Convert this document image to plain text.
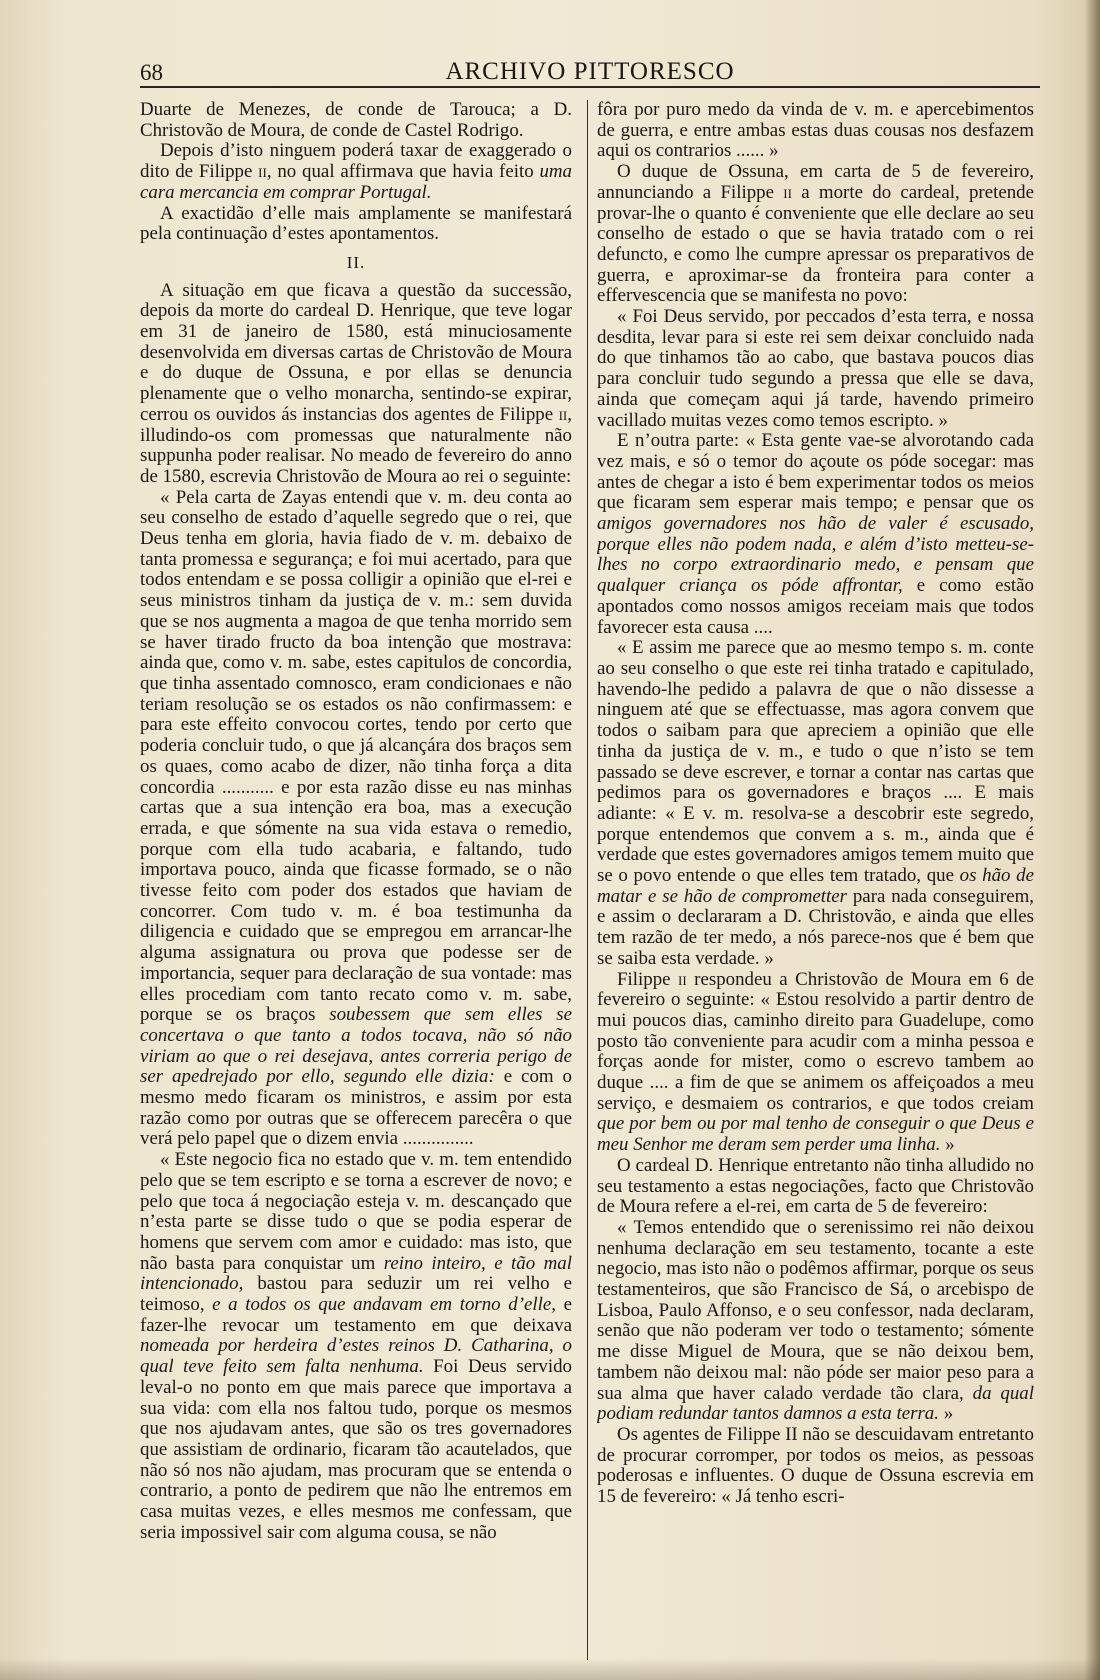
68	ARCHIVO PITTORESCO

Duarte de Menezes, de conde de Tarouca; a D. Christovão de Moura, de conde de Castel Rodrigo.

Depois d’isto ninguem poderá taxar de exaggerado o dito de Filippe ii, no qual affirmava que havia feito uma cara mercancia em comprar Portugal.

A exactidão d’elle mais amplamente se manifestará pela continuação d’estes apontamentos.

II.

A situação em que ficava a questão da successão, depois da morte do cardeal D. Henrique, que teve logar em 31 de janeiro de 1580, está minuciosamente desenvolvida em diversas cartas de Christovão de Moura e do duque de Ossuna, e por ellas se denuncia plenamente que o velho monarcha, sentindo-se expirar, cerrou os ouvidos ás instancias dos agentes de Filippe ii, illudindo-os com promessas que naturalmente não suppunha poder realisar. No meado de fevereiro do anno de 1580, escrevia Christovão de Moura ao rei o seguinte:

« Pela carta de Zayas entendi que v. m. deu conta ao seu conselho de estado d’aquelle segredo que o rei, que Deus tenha em gloria, havia fiado de v. m. debaixo de tanta promessa e segurança; e foi mui acertado, para que todos entendam e se possa colligir a opinião que el-rei e seus ministros tinham da justiça de v. m.: sem duvida que se nos augmenta a magoa de que tenha morrido sem se haver tirado fructo da boa intenção que mostrava: ainda que, como v. m. sabe, estes capitulos de concordia, que tinha assentado comnosco, eram condicionaes e não teriam resolução se os estados os não confirmassem: e para este effeito convocou cortes, tendo por certo que poderia concluir tudo, o que já alcançára dos braços sem os quaes, como acabo de dizer, não tinha força a dita concordia ........... e por esta razão disse eu nas minhas cartas que a sua intenção era boa, mas a execução errada, e que sómente na sua vida estava o remedio, porque com ella tudo acabaria, e faltando, tudo importava pouco, ainda que ficasse formado, se o não tivesse feito com poder dos estados que haviam de concorrer. Com tudo v. m. é boa testimunha da diligencia e cuidado que se empregou em arrancar-lhe alguma assignatura ou prova que podesse ser de importancia, sequer para declaração de sua vontade: mas elles procediam com tanto recato como v. m. sabe, porque se os braços soubessem que sem elles se concertava o que tanto a todos tocava, não só não viriam ao que o rei desejava, antes correria perigo de ser apedrejado por ello, segundo elle dizia: e com o mesmo medo ficaram os ministros, e assim por esta razão como por outras que se offerecem parecêra o que verá pelo papel que o dizem envia ...............

« Este negocio fica no estado que v. m. tem entendido pelo que se tem escripto e se torna a escrever de novo; e pelo que toca á negociação esteja v. m. descançado que n’esta parte se disse tudo o que se podia esperar de homens que servem com amor e cuidado: mas isto, que não basta para conquistar um reino inteiro, e tão mal intencionado, bastou para seduzir um rei velho e teimoso, e a todos os que andavam em torno d’elle, e fazer-lhe revocar um testamento em que deixava nomeada por herdeira d’estes reinos D. Catharina, o qual teve feito sem falta nenhuma. Foi Deus servido leval-o no ponto em que mais parece que importava a sua vida: com ella nos faltou tudo, porque os mesmos que nos ajudavam antes, que são os tres governadores que assistiam de ordinario, ficaram tão acautelados, que não só nos não ajudam, mas procuram que se entenda o contrario, a ponto de pedirem que não lhe entremos em casa muitas vezes, e elles mesmos me confessam, que seria impossivel sair com alguma cousa, se não

fôra por puro medo da vinda de v. m. e apercebimentos de guerra, e entre ambas estas duas cousas nos desfazem aqui os contrarios ...... »

O duque de Ossuna, em carta de 5 de fevereiro, annunciando a Filippe ii a morte do cardeal, pretende provar-lhe o quanto é conveniente que elle declare ao seu conselho de estado o que se havia tratado com o rei defuncto, e como lhe cumpre apressar os preparativos de guerra, e aproximar-se da fronteira para conter a effervescencia que se manifesta no povo:

« Foi Deus servido, por peccados d’esta terra, e nossa desdita, levar para si este rei sem deixar concluido nada do que tinhamos tão ao cabo, que bastava poucos dias para concluir tudo segundo a pressa que elle se dava, ainda que começam aqui já tarde, havendo primeiro vacillado muitas vezes como temos escripto. »

E n’outra parte: « Esta gente vae-se alvorotando cada vez mais, e só o temor do açoute os póde socegar: mas antes de chegar a isto é bem experimentar todos os meios que ficaram sem esperar mais tempo; e pensar que os amigos governadores nos hão de valer é escusado, porque elles não podem nada, e além d’isto metteu-se-lhes no corpo extraordinario medo, e pensam que qualquer criança os póde affrontar, e como estão apontados como nossos amigos receiam mais que todos favorecer esta causa ....

« E assim me parece que ao mesmo tempo s. m. conte ao seu conselho o que este rei tinha tratado e capitulado, havendo-lhe pedido a palavra de que o não dissesse a ninguem até que se effectuasse, mas agora convem que todos o saibam para que apreciem a opinião que elle tinha da justiça de v. m., e tudo o que n’isto se tem passado se deve escrever, e tornar a contar nas cartas que pedimos para os governadores e braços .... E mais adiante: « E v. m. resolva-se a descobrir este segredo, porque entendemos que convem a s. m., ainda que é verdade que estes governadores amigos temem muito que se o povo entende o que elles tem tratado, que os hão de matar e se hão de comprometter para nada conseguirem, e assim o declararam a D. Christovão, e ainda que elles tem razão de ter medo, a nós parece-nos que é bem que se saiba esta verdade. »

Filippe ii respondeu a Christovão de Moura em 6 de fevereiro o seguinte: « Estou resolvido a partir dentro de mui poucos dias, caminho direito para Guadelupe, como posto tão conveniente para acudir com a minha pessoa e forças aonde for mister, como o escrevo tambem ao duque .... a fim de que se animem os affeiçoados a meu serviço, e desmaiem os contrarios, e que todos creiam que por bem ou por mal tenho de conseguir o que Deus e meu Senhor me deram sem perder uma linha. »

O cardeal D. Henrique entretanto não tinha alludido no seu testamento a estas negociações, facto que Christovão de Moura refere a el-rei, em carta de 5 de fevereiro:

« Temos entendido que o serenissimo rei não deixou nenhuma declaração em seu testamento, tocante a este negocio, mas isto não o podêmos affirmar, porque os seus testamenteiros, que são Francisco de Sá, o arcebispo de Lisboa, Paulo Affonso, e o seu confessor, nada declaram, senão que não poderam ver todo o testamento; sómente me disse Miguel de Moura, que se não deixou bem, tambem não deixou mal: não póde ser maior peso para a sua alma que haver calado verdade tão clara, da qual podiam redundar tantos damnos a esta terra. »

Os agentes de Filippe II não se descuidavam entretanto de procurar corromper, por todos os meios, as pessoas poderosas e influentes. O duque de Ossuna escrevia em 15 de fevereiro: « Já tenho escri-
